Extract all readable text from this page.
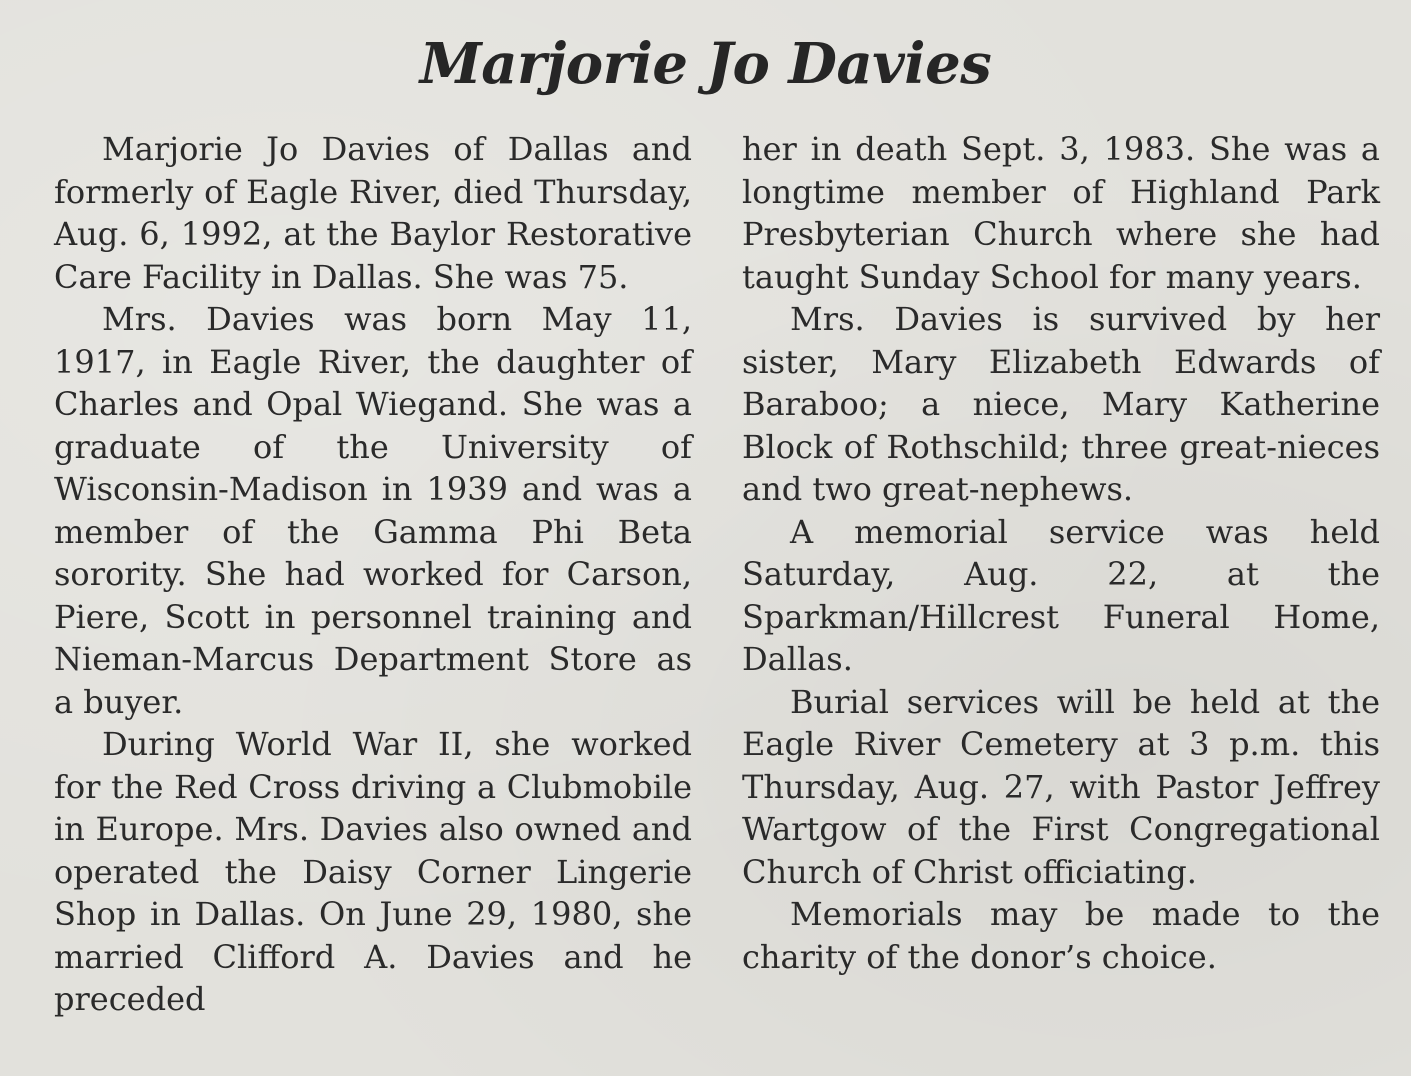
Marjorie Jo Davies

Marjorie Jo Davies of Dallas and formerly of Eagle River, died Thursday, Aug. 6, 1992, at the Baylor Restorative Care Facility in Dallas. She was 75.

Mrs. Davies was born May 11, 1917, in Eagle River, the daughter of Charles and Opal Wiegand. She was a graduate of the University of Wisconsin-Madison in 1939 and was a member of the Gamma Phi Beta sorority. She had worked for Carson, Piere, Scott in personnel training and Nieman-Marcus Department Store as a buyer.

During World War II, she worked for the Red Cross driving a Clubmobile in Europe. Mrs. Davies also owned and operated the Daisy Corner Lingerie Shop in Dallas. On June 29, 1980, she married Clifford A. Davies and he preceded

her in death Sept. 3, 1983. She was a longtime member of Highland Park Presbyterian Church where she had taught Sunday School for many years.

Mrs. Davies is survived by her sister, Mary Elizabeth Edwards of Baraboo; a niece, Mary Katherine Block of Rothschild; three great-nieces and two great-nephews.

A memorial service was held Saturday, Aug. 22, at the Sparkman/Hillcrest Funeral Home, Dallas.

Burial services will be held at the Eagle River Cemetery at 3 p.m. this Thursday, Aug. 27, with Pastor Jeffrey Wartgow of the First Congregational Church of Christ officiating.

Memorials may be made to the charity of the donor’s choice.
